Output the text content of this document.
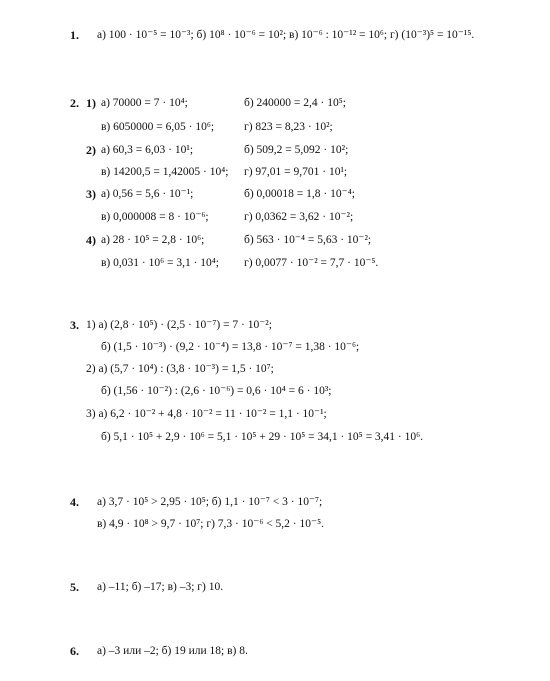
1. а) 100 · 10⁻⁵ = 10⁻³; б) 10⁸ · 10⁻⁶ = 10²; в) 10⁻⁶ : 10⁻¹² = 10⁶; г) (10⁻³)⁵ = 10⁻¹⁵.
2. 1) а) 70000 = 7 · 10⁴;	б) 240000 = 2,4 · 10⁵;
в) 6050000 = 6,05 · 10⁶;	г) 823 = 8,23 · 10²;
2) а) 60,3 = 6,03 · 10¹;	б) 509,2 = 5,092 · 10²;
в) 14200,5 = 1,42005 · 10⁴; г) 97,01 = 9,701 · 10¹;
3) а) 0,56 = 5,6 · 10⁻¹;	б) 0,00018 = 1,8 · 10⁻⁴;
в) 0,000008 = 8 · 10⁻⁶;	г) 0,0362 = 3,62 · 10⁻²;
4) а) 28 · 10⁵ = 2,8 · 10⁶;	б) 563 · 10⁻⁴ = 5,63 · 10⁻²;
в) 0,031 · 10⁶ = 3,1 · 10⁴; г) 0,0077 · 10⁻² = 7,7 · 10⁻⁵.
3. 1) а) (2,8 · 10⁵) · (2,5 · 10⁻⁷) = 7 · 10⁻²;
б) (1,5 · 10⁻³) · (9,2 · 10⁻⁴) = 13,8 · 10⁻⁷ = 1,38 · 10⁻⁶;
2) а) (5,7 · 10⁴) : (3,8 · 10⁻³) = 1,5 · 10⁷;
б) (1,56 · 10⁻²) : (2,6 · 10⁻⁶) = 0,6 · 10⁴ = 6 · 10³;
3) а) 6,2 · 10⁻² + 4,8 · 10⁻² = 11 · 10⁻² = 1,1 · 10⁻¹;
б) 5,1 · 10⁵ + 2,9 · 10⁶ = 5,1 · 10⁵ + 29 · 10⁵ = 34,1 · 10⁵ = 3,41 · 10⁶.
4. а) 3,7 · 10⁵ > 2,95 · 10⁵; б) 1,1 · 10⁻⁷ < 3 · 10⁻⁷;
в) 4,9 · 10⁸ > 9,7 · 10⁷; г) 7,3 · 10⁻⁶ < 5,2 · 10⁻⁵.
5. а) –11; б) –17; в) –3; г) 10.
6. а) –3 или –2; б) 19 или 18; в) 8.
